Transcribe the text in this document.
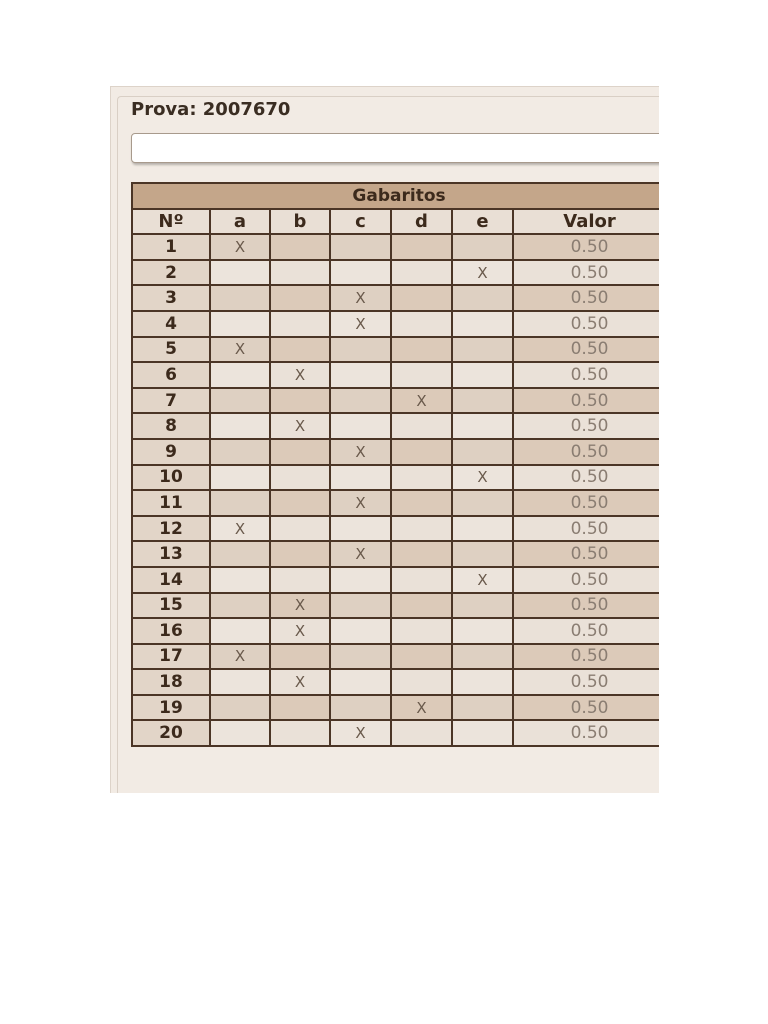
Prova: 2007670
Gabaritos						
Nº	a	b	c	d	e	Valor
1	X					0.50
2					X	0.50
3			X			0.50
4			X			0.50
5	X					0.50
6		X				0.50
7				X		0.50
8		X				0.50
9			X			0.50
10					X	0.50
11			X			0.50
12	X					0.50
13			X			0.50
14					X	0.50
15		X				0.50
16		X				0.50
17	X					0.50
18		X				0.50
19				X		0.50
20			X			0.50
